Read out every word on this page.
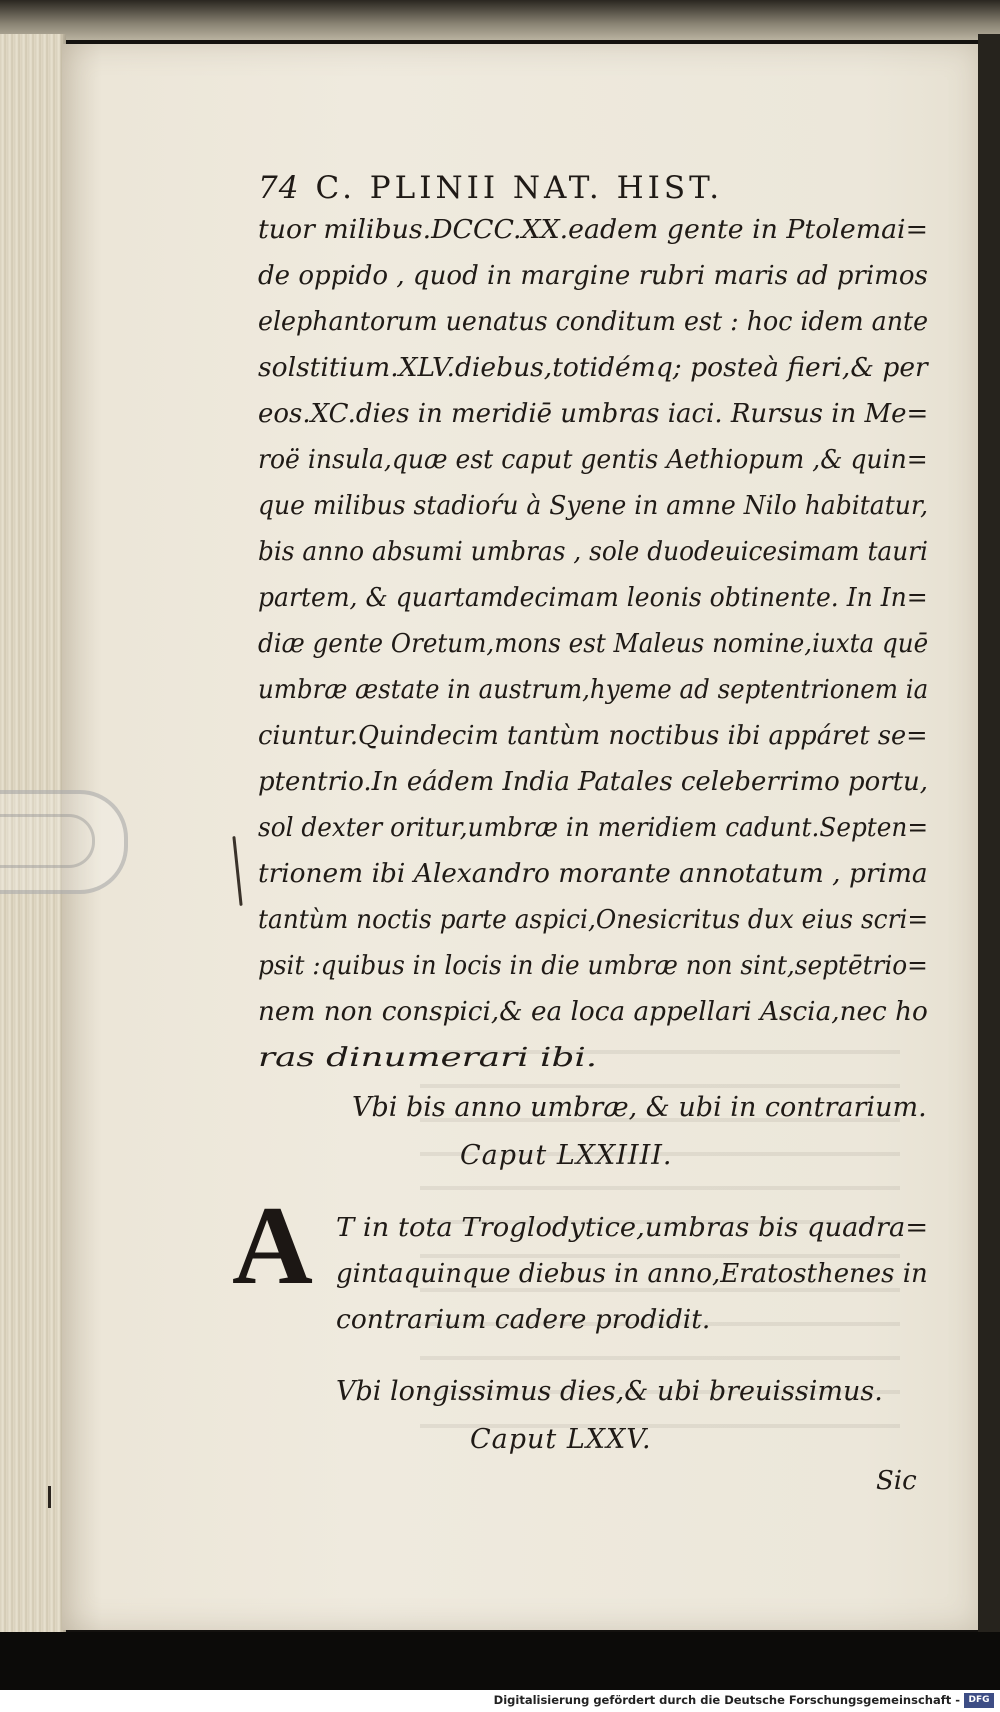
74 C. PLINII NAT. HIST.
tuor milibus.DCCC.XX.eadem gente in Ptolemai=
de oppido , quod in margine rubri maris ad primos
elephantorum uenatus conditum est : hoc idem ante
solstitium.XLV.diebus,totidémq; posteà fieri,& per
eos.XC.dies in meridiē umbras iaci. Rursus in Me=
roë insula,quæ est caput gentis Aethiopum ,& quin=
que milibus stadioŕu à Syene in amne Nilo habitatur,
bis anno absumi umbras , sole duodeuicesimam tauri
partem, & quartamdecimam leonis obtinente. In In=
diæ gente Oretum,mons est Maleus nomine,iuxta quē
umbræ æstate in austrum,hyeme ad septentrionem ia
ciuntur.Quindecim tantùm noctibus ibi appáret se=
ptentrio.In eádem India Patales celeberrimo portu,
sol dexter oritur,umbræ in meridiem cadunt.Septen=
trionem ibi Alexandro morante annotatum , prima
tantùm noctis parte aspici,Onesicritus dux eius scri=
psit :quibus in locis in die umbræ non sint,septētrio=
nem non conspici,& ea loca appellari Ascia,nec ho
ras dinumerari ibi.
Vbi bis anno umbræ, & ubi in contrarium.
Caput LXXIIII.
A T in tota Troglodytice,umbras bis quadra=
gintaquinque diebus in anno,Eratosthenes in
contrarium cadere prodidit.
Vbi longissimus dies,& ubi breuissimus.
Caput LXXV.
Sic
Digitalisierung gefördert durch die Deutsche Forschungsgemeinschaft - DFG
